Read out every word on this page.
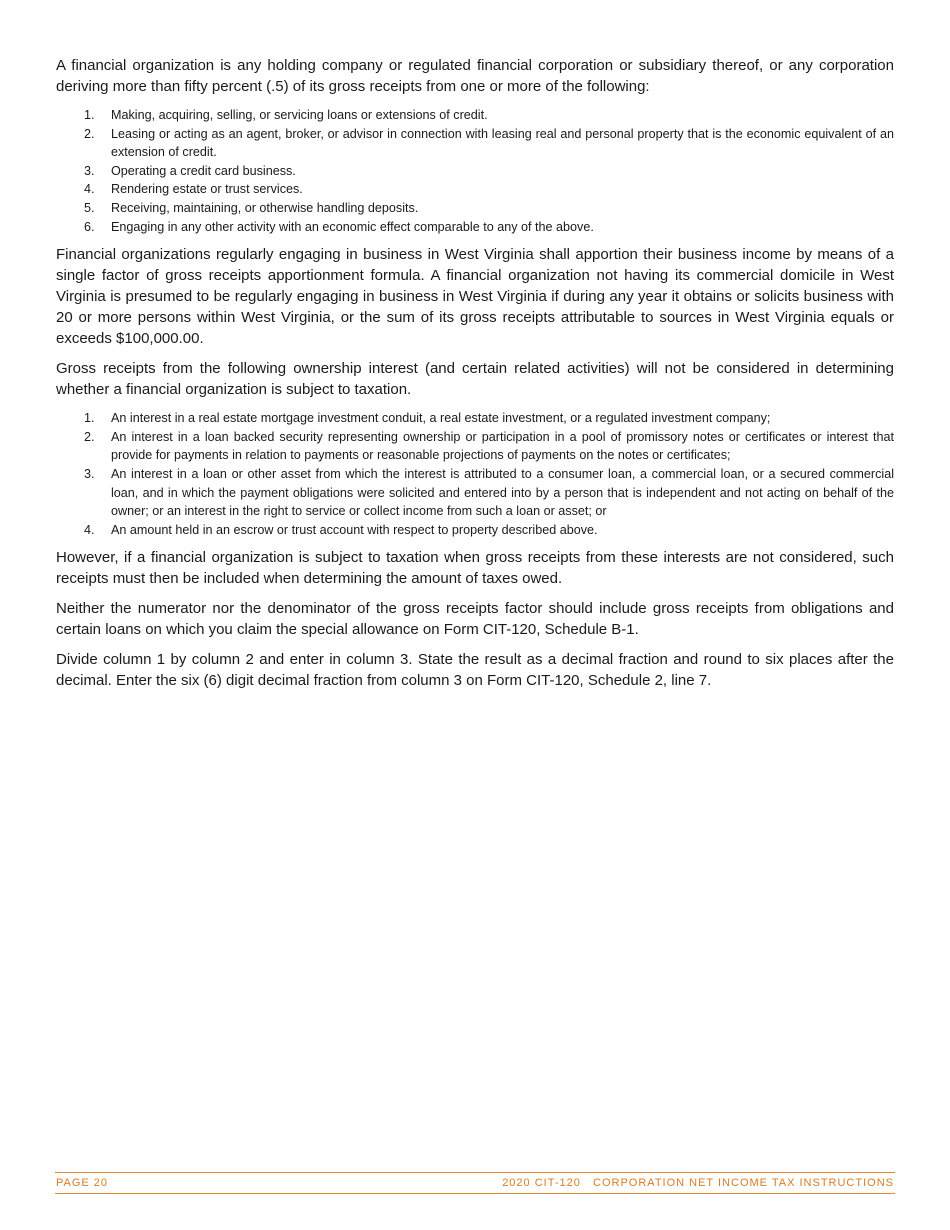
A financial organization is any holding company or regulated financial corporation or subsidiary thereof, or any corporation deriving more than fifty percent (.5) of its gross receipts from one or more of the following:

1. Making, acquiring, selling, or servicing loans or extensions of credit.
2. Leasing or acting as an agent, broker, or advisor in connection with leasing real and personal property that is the economic equivalent of an extension of credit.
3. Operating a credit card business.
4. Rendering estate or trust services.
5. Receiving, maintaining, or otherwise handling deposits.
6. Engaging in any other activity with an economic effect comparable to any of the above.

Financial organizations regularly engaging in business in West Virginia shall apportion their business income by means of a single factor of gross receipts apportionment formula. A financial organization not having its commercial domicile in West Virginia is presumed to be regularly engaging in business in West Virginia if during any year it obtains or solicits business with 20 or more persons within West Virginia, or the sum of its gross receipts attributable to sources in West Virginia equals or exceeds $100,000.00.

Gross receipts from the following ownership interest (and certain related activities) will not be considered in determining whether a financial organization is subject to taxation.

1. An interest in a real estate mortgage investment conduit, a real estate investment, or a regulated investment company;
2. An interest in a loan backed security representing ownership or participation in a pool of promissory notes or certificates or interest that provide for payments in relation to payments or reasonable projections of payments on the notes or certificates;
3. An interest in a loan or other asset from which the interest is attributed to a consumer loan, a commercial loan, or a secured commercial loan, and in which the payment obligations were solicited and entered into by a person that is independent and not acting on behalf of the owner; or an interest in the right to service or collect income from such a loan or asset; or
4. An amount held in an escrow or trust account with respect to property described above.

However, if a financial organization is subject to taxation when gross receipts from these interests are not considered, such receipts must then be included when determining the amount of taxes owed.

Neither the numerator nor the denominator of the gross receipts factor should include gross receipts from obligations and certain loans on which you claim the special allowance on Form CIT-120, Schedule B-1.

Divide column 1 by column 2 and enter in column 3. State the result as a decimal fraction and round to six places after the decimal. Enter the six (6) digit decimal fraction from column 3 on Form CIT-120, Schedule 2, line 7.

PAGE 20	2020 CIT-120   CORPORATION NET INCOME TAX INSTRUCTIONS
